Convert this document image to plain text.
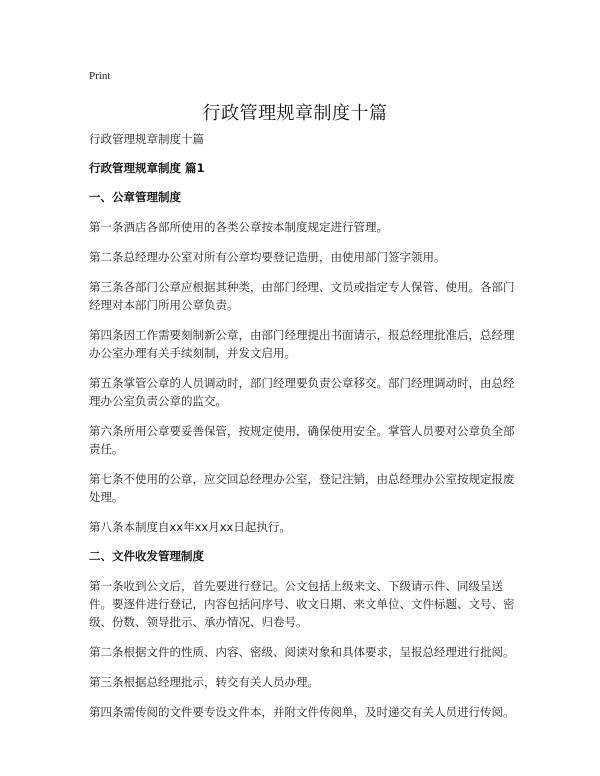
Print
行政管理规章制度十篇

行政管理规章制度十篇

行政管理规章制度 篇1

一、公章管理制度

第一条酒店各部所使用的各类公章按本制度规定进行管理。

第二条总经理办公室对所有公章均要登记造册，由使用部门签字领用。

第三条各部门公章应根据其种类，由部门经理、文员或指定专人保管、使用。各部门经理对本部门所用公章负责。

第四条因工作需要刻制新公章，由部门经理提出书面请示，报总经理批准后，总经理办公室办理有关手续刻制，并发文启用。

第五条掌管公章的人员调动时，部门经理要负责公章移交。部门经理调动时，由总经理办公室负责公章的监交。

第六条所用公章要妥善保管，按规定使用，确保使用安全。掌管人员要对公章负全部责任。

第七条不使用的公章，应交回总经理办公室，登记注销，由总经理办公室按规定报废处理。

第八条本制度自xx年xx月xx日起执行。

二、文件收发管理制度

第一条收到公文后，首先要进行登记。公文包括上级来文、下级请示件、同级呈送件。要逐件进行登记，内容包括问序号、收文日期、来文单位、文件标题、文号、密级、份数、领导批示、承办情况、归卷号。

第二条根据文件的性质、内容、密级、阅读对象和具体要求，呈报总经理进行批阅。

第三条根据总经理批示，转交有关人员办理。

第四条需传阅的文件要专设文件本，并附文件传阅单，及时递交有关人员进行传阅。
